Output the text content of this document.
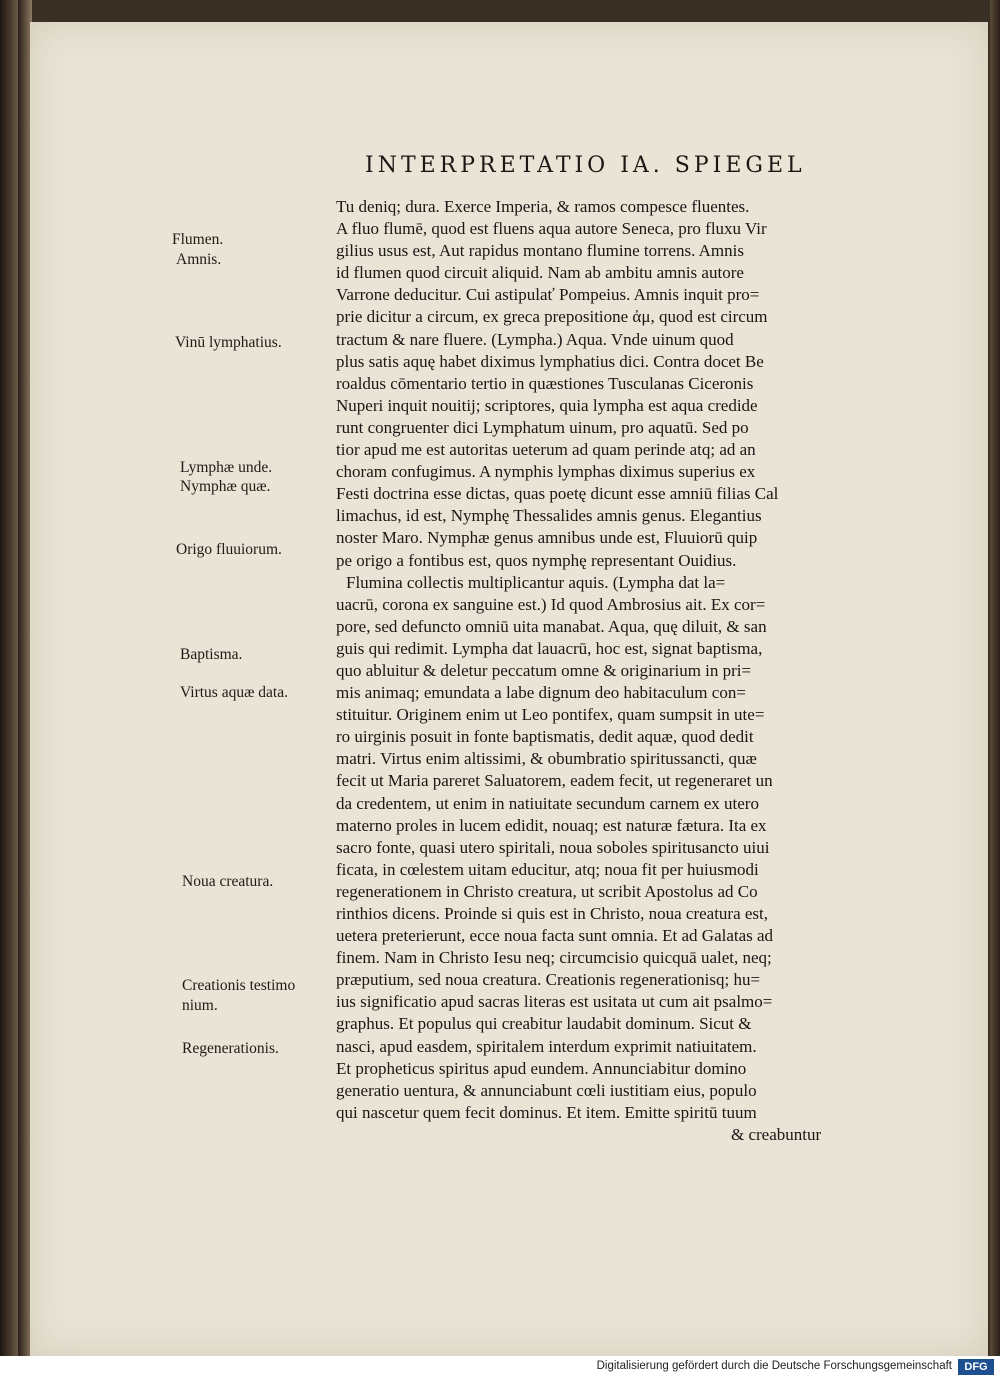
INTERPRETATIO IA. SPIEGEL
Tu deniq; dura. Exerce Imperia, & ramos compesce fluentes.
A fluo flumē, quod est fluens aqua autore Seneca, pro fluxu Vir
gilius usus est, Aut rapidus montano flumine torrens. Amnis
id flumen quod circuit aliquid. Nam ab ambitu amnis autore
Varrone deducitur. Cui astipulať Pompeius. Amnis inquit pro=
prie dicitur a circum, ex greca prepositione ἀμ, quod est circum
tractum & nare fluere. (Lympha.) Aqua. Vnde uinum quod
plus satis aquę habet diximus lymphatius dici. Contra docet Be
roaldus cōmentario tertio in quæstiones Tusculanas Ciceronis
Nuperi inquit nouitij; scriptores, quia lympha est aqua credide
runt congruenter dici Lymphatum uinum, pro aquatū. Sed po
tior apud me est autoritas ueterum ad quam perinde atq; ad an
choram confugimus. A nymphis lymphas diximus superius ex
Festi doctrina esse dictas, quas poetę dicunt esse amniū filias Cal
limachus, id est, Nymphę Thessalides amnis genus. Elegantius
noster Maro. Nymphæ genus amnibus unde est, Fluuiorū quip
pe origo a fontibus est, quos nymphę representant Ouidius.
Flumina collectis multiplicantur aquis. (Lympha dat la=
uacrū, corona ex sanguine est.) Id quod Ambrosius ait. Ex cor=
pore, sed defuncto omniū uita manabat. Aqua, quę diluit, & san
guis qui redimit. Lympha dat lauacrū, hoc est, signat baptisma,
quo abluitur & deletur peccatum omne & originarium in pri=
mis animaq; emundata a labe dignum deo habitaculum con=
stituitur. Originem enim ut Leo pontifex, quam sumpsit in ute=
ro uirginis posuit in fonte baptismatis, dedit aquæ, quod dedit
matri. Virtus enim altissimi, & obumbratio spiritussancti, quæ
fecit ut Maria pareret Saluatorem, eadem fecit, ut regeneraret un
da credentem, ut enim in natiuitate secundum carnem ex utero
materno proles in lucem edidit, nouaq; est naturæ fætura. Ita ex
sacro fonte, quasi utero spiritali, noua soboles spiritusancto uiui
ficata, in cœlestem uitam educitur, atq; noua fit per huiusmodi
regenerationem in Christo creatura, ut scribit Apostolus ad Co
rinthios dicens. Proinde si quis est in Christo, noua creatura est,
uetera preterierunt, ecce noua facta sunt omnia. Et ad Galatas ad
finem. Nam in Christo Iesu neq; circumcisio quicquā ualet, neq;
præputium, sed noua creatura. Creationis regenerationisq; hu=
ius significatio apud sacras literas est usitata ut cum ait psalmo=
graphus. Et populus qui creabitur laudabit dominum. Sicut &
nasci, apud easdem, spiritalem interdum exprimit natiuitatem.
Et propheticus spiritus apud eundem. Annunciabitur domino
generatio uentura, & annunciabunt cœli iustitiam eius, populo
qui nascetur quem fecit dominus. Et item. Emitte spiritū tuum
& creabuntur
Flumen.
Amnis.
Vinū lymphatius.
Lymphæ unde.
Nymphæ quæ.
Origo fluuiorum.
Baptisma.
Virtus aquæ data.
Noua creatura.
Creationis testimo
nium.
Regenerationis.
Digitalisierung gefördert durch die Deutsche Forschungsgemeinschaft	DFG
